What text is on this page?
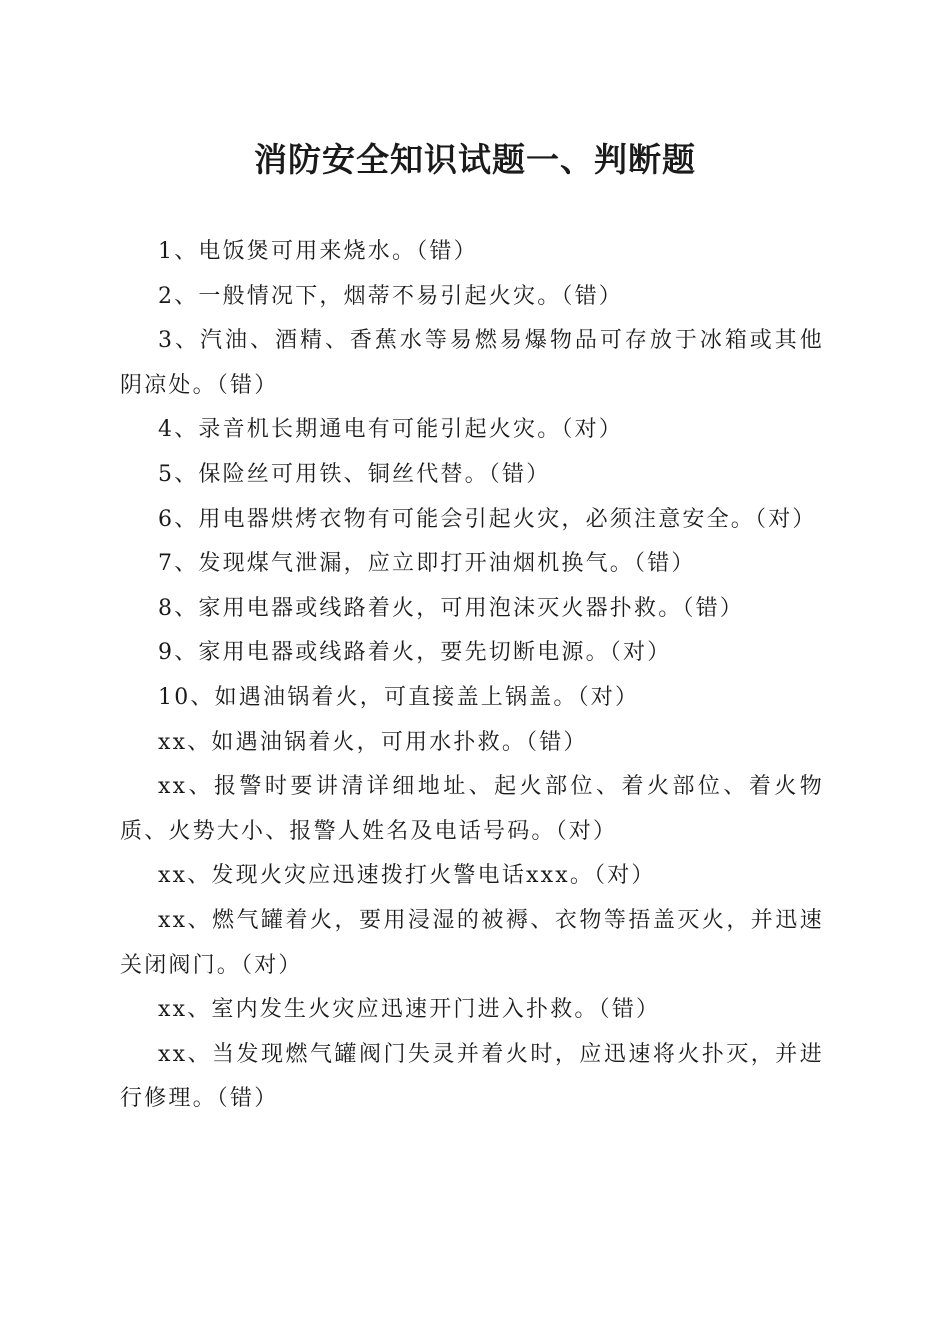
消防安全知识试题一、判断题

1、电饭煲可用来烧水。（错）

2、一般情况下，烟蒂不易引起火灾。（错）

3、汽油、酒精、香蕉水等易燃易爆物品可存放于冰箱或其他阴凉处。（错）

4、录音机长期通电有可能引起火灾。（对）

5、保险丝可用铁、铜丝代替。（错）

6、用电器烘烤衣物有可能会引起火灾，必须注意安全。（对）

7、发现煤气泄漏，应立即打开油烟机换气。（错）

8、家用电器或线路着火，可用泡沫灭火器扑救。（错）

9、家用电器或线路着火，要先切断电源。（对）

10、如遇油锅着火，可直接盖上锅盖。（对）

xx、如遇油锅着火，可用水扑救。（错）

xx、报警时要讲清详细地址、起火部位、着火部位、着火物质、火势大小、报警人姓名及电话号码。（对）

xx、发现火灾应迅速拨打火警电话xxx。（对）

xx、燃气罐着火，要用浸湿的被褥、衣物等捂盖灭火，并迅速关闭阀门。（对）

xx、室内发生火灾应迅速开门进入扑救。（错）

xx、当发现燃气罐阀门失灵并着火时，应迅速将火扑灭，并进行修理。（错）
